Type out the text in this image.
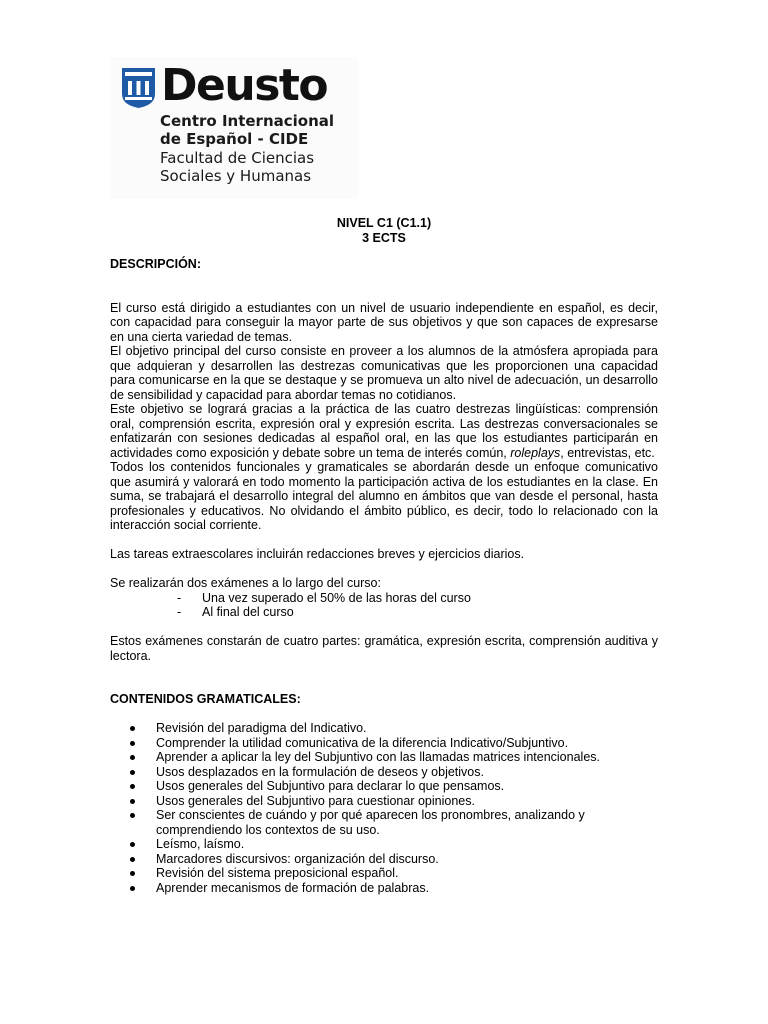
Deusto
Centro Internacional
de Español - CIDE
Facultad de Ciencias
Sociales y Humanas
NIVEL C1 (C1.1)
3 ECTS

DESCRIPCIÓN:

El curso está dirigido a estudiantes con un nivel de usuario independiente en español, es decir, con capacidad para conseguir la mayor parte de sus objetivos y que son capaces de expresarse en una cierta variedad de temas.

El objetivo principal del curso consiste en proveer a los alumnos de la atmósfera apropiada para que adquieran y desarrollen las destrezas comunicativas que les proporcionen una capacidad para comunicarse en la que se destaque y se promueva un alto nivel de adecuación, un desarrollo de sensibilidad y capacidad para abordar temas no cotidianos.

Este objetivo se logrará gracias a la práctica de las cuatro destrezas lingüísticas: comprensión oral, comprensión escrita, expresión oral y expresión escrita. Las destrezas conversacionales se enfatizarán con sesiones dedicadas al español oral, en las que los estudiantes participarán en actividades como exposición y debate sobre un tema de interés común, roleplays, entrevistas, etc.

Todos los contenidos funcionales y gramaticales se abordarán desde un enfoque comunicativo que asumirá y valorará en todo momento la participación activa de los estudiantes en la clase. En suma, se trabajará el desarrollo integral del alumno en ámbitos que van desde el personal, hasta profesionales y educativos. No olvidando el ámbito público, es decir, todo lo relacionado con la interacción social corriente.

Las tareas extraescolares incluirán redacciones breves y ejercicios diarios.

Se realizarán dos exámenes a lo largo del curso:

- Una vez superado el 50% de las horas del curso
- Al final del curso

Estos exámenes constarán de cuatro partes: gramática, expresión escrita, comprensión auditiva y lectora.

CONTENIDOS GRAMATICALES:

Revisión del paradigma del Indicativo.
Comprender la utilidad comunicativa de la diferencia Indicativo/Subjuntivo.
Aprender a aplicar la ley del Subjuntivo con las llamadas matrices intencionales.
Usos desplazados en la formulación de deseos y objetivos.
Usos generales del Subjuntivo para declarar lo que pensamos.
Usos generales del Subjuntivo para cuestionar opiniones.
Ser conscientes de cuándo y por qué aparecen los pronombres, analizando y comprendiendo los contextos de su uso.
Leísmo, laísmo.
Marcadores discursivos: organización del discurso.
Revisión del sistema preposicional español.
Aprender mecanismos de formación de palabras.
